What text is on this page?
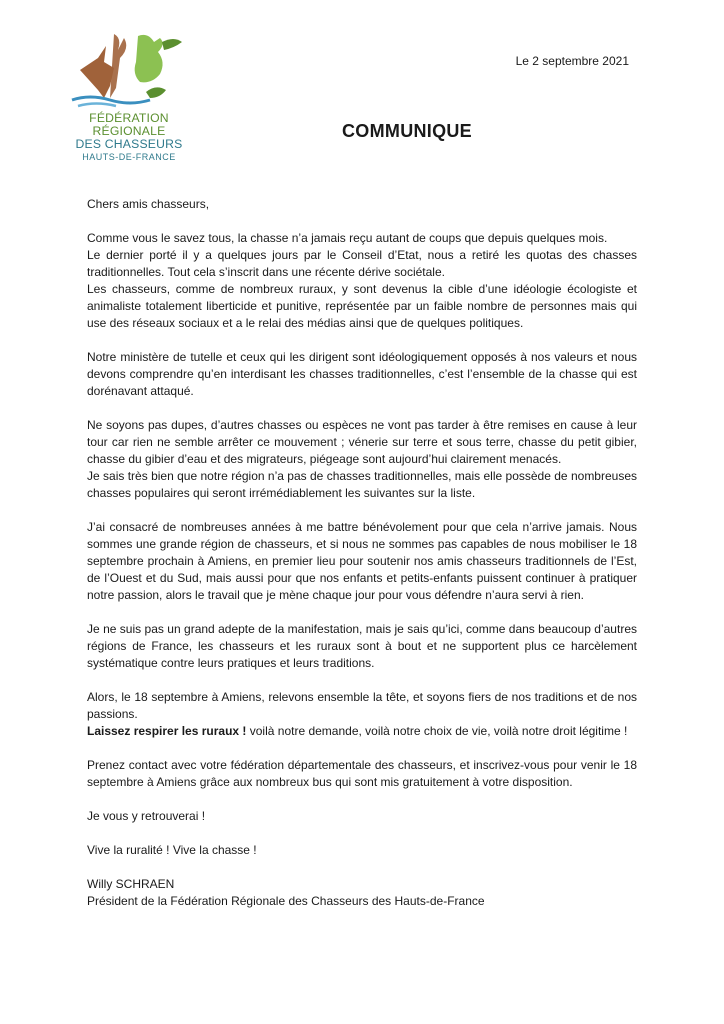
FÉDÉRATION
RÉGIONALE
DES CHASSEURS
HAUTS-DE-FRANCE
Le 2 septembre 2021
COMMUNIQUE

Chers amis chasseurs,

Comme vous le savez tous, la chasse n’a jamais reçu autant de coups que depuis quelques mois.
Le dernier porté il y a quelques jours par le Conseil d’Etat, nous a retiré les quotas des chasses traditionnelles. Tout cela s’inscrit dans une récente dérive sociétale.
Les chasseurs, comme de nombreux ruraux, y sont devenus la cible d’une idéologie écologiste et animaliste totalement liberticide et punitive, représentée par un faible nombre de personnes mais qui use des réseaux sociaux et a le relai des médias ainsi que de quelques politiques.

Notre ministère de tutelle et ceux qui les dirigent sont idéologiquement opposés à nos valeurs et nous devons comprendre qu’en interdisant les chasses traditionnelles, c’est l’ensemble de la chasse qui est dorénavant attaqué.

Ne soyons pas dupes, d’autres chasses ou espèces ne vont pas tarder à être remises en cause à leur tour car rien ne semble arrêter ce mouvement ; vénerie sur terre et sous terre, chasse du petit gibier, chasse du gibier d’eau et des migrateurs, piégeage sont aujourd’hui clairement menacés.
Je sais très bien que notre région n’a pas de chasses traditionnelles, mais elle possède de nombreuses chasses populaires qui seront irrémédiablement les suivantes sur la liste.

J’ai consacré de nombreuses années à me battre bénévolement pour que cela n’arrive jamais. Nous sommes une grande région de chasseurs, et si nous ne sommes pas capables de nous mobiliser le 18 septembre prochain à Amiens, en premier lieu pour soutenir nos amis chasseurs traditionnels de l’Est, de l’Ouest et du Sud, mais aussi pour que nos enfants et petits-enfants puissent continuer à pratiquer notre passion, alors le travail que je mène chaque jour pour vous défendre n’aura servi à rien.

Je ne suis pas un grand adepte de la manifestation, mais je sais qu’ici, comme dans beaucoup d’autres régions de France, les chasseurs et les ruraux sont à bout et ne supportent plus ce harcèlement systématique contre leurs pratiques et leurs traditions.

Alors, le 18 septembre à Amiens, relevons ensemble la tête, et soyons fiers de nos traditions et de nos passions.
Laissez respirer les ruraux ! voilà notre demande, voilà notre choix de vie, voilà notre droit légitime !

Prenez contact avec votre fédération départementale des chasseurs, et inscrivez-vous pour venir le 18 septembre à Amiens grâce aux nombreux bus qui sont mis gratuitement à votre disposition.

Je vous y retrouverai !

Vive la ruralité ! Vive la chasse !

Willy SCHRAEN

Président de la Fédération Régionale des Chasseurs des Hauts-de-France
